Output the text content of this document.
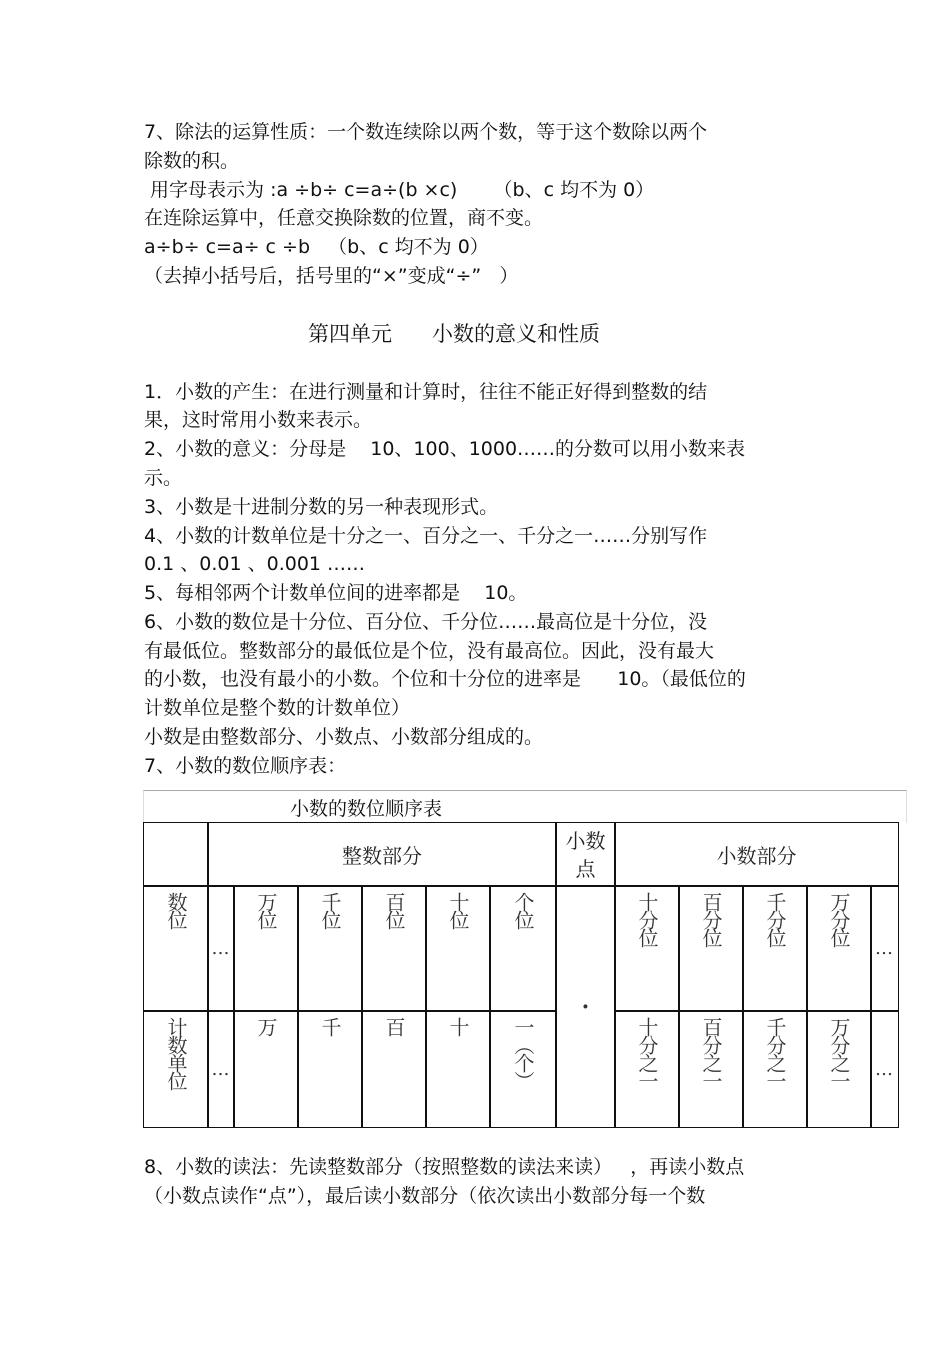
7、除法的运算性质：一个数连续除以两个数，等于这个数除以两个
除数的积。
用字母表示为 :a ÷b÷ c=a÷(b ×c)      （b、c 均不为 0）
在连除运算中，任意交换除数的位置，商不变。
a÷b÷ c=a÷ c ÷b   （b、c 均不为 0）
（去掉小括号后，括号里的“×”变成“÷”   ）
第四单元      小数的意义和性质
1．小数的产生：在进行测量和计算时，往往不能正好得到整数的结
果，这时常用小数来表示。
2、小数的意义：分母是    10、100、1000……的分数可以用小数来表
示。
3、小数是十进制分数的另一种表现形式。
4、小数的计数单位是十分之一、百分之一、千分之一……分别写作
0.1 、0.01 、0.001 ……
5、每相邻两个计数单位间的进率都是    10。
6、小数的数位是十分位、百分位、千分位……最高位是十分位，没
有最低位。整数部分的最低位是个位，没有最高位。因此，没有最大
的小数，也没有最小的小数。个位和十分位的进率是      10。（最低位的
计数单位是整个数的计数单位）
小数是由整数部分、小数点、小数部分组成的。
7、小数的数位顺序表：
小数的数位顺序表
整数部分
小数点
小数部分
数位
…
万位 千位 百位 十位 个位
·
十分位 百分位 千分位 万分位
…
计数单位 …
万 千 百 十 一（个）	十分之一 百分之一 千分之一 万分之一 …
8、小数的读法：先读整数部分（按照整数的读法来读）   ，再读小数点
（小数点读作“点”），最后读小数部分（依次读出小数部分每一个数
